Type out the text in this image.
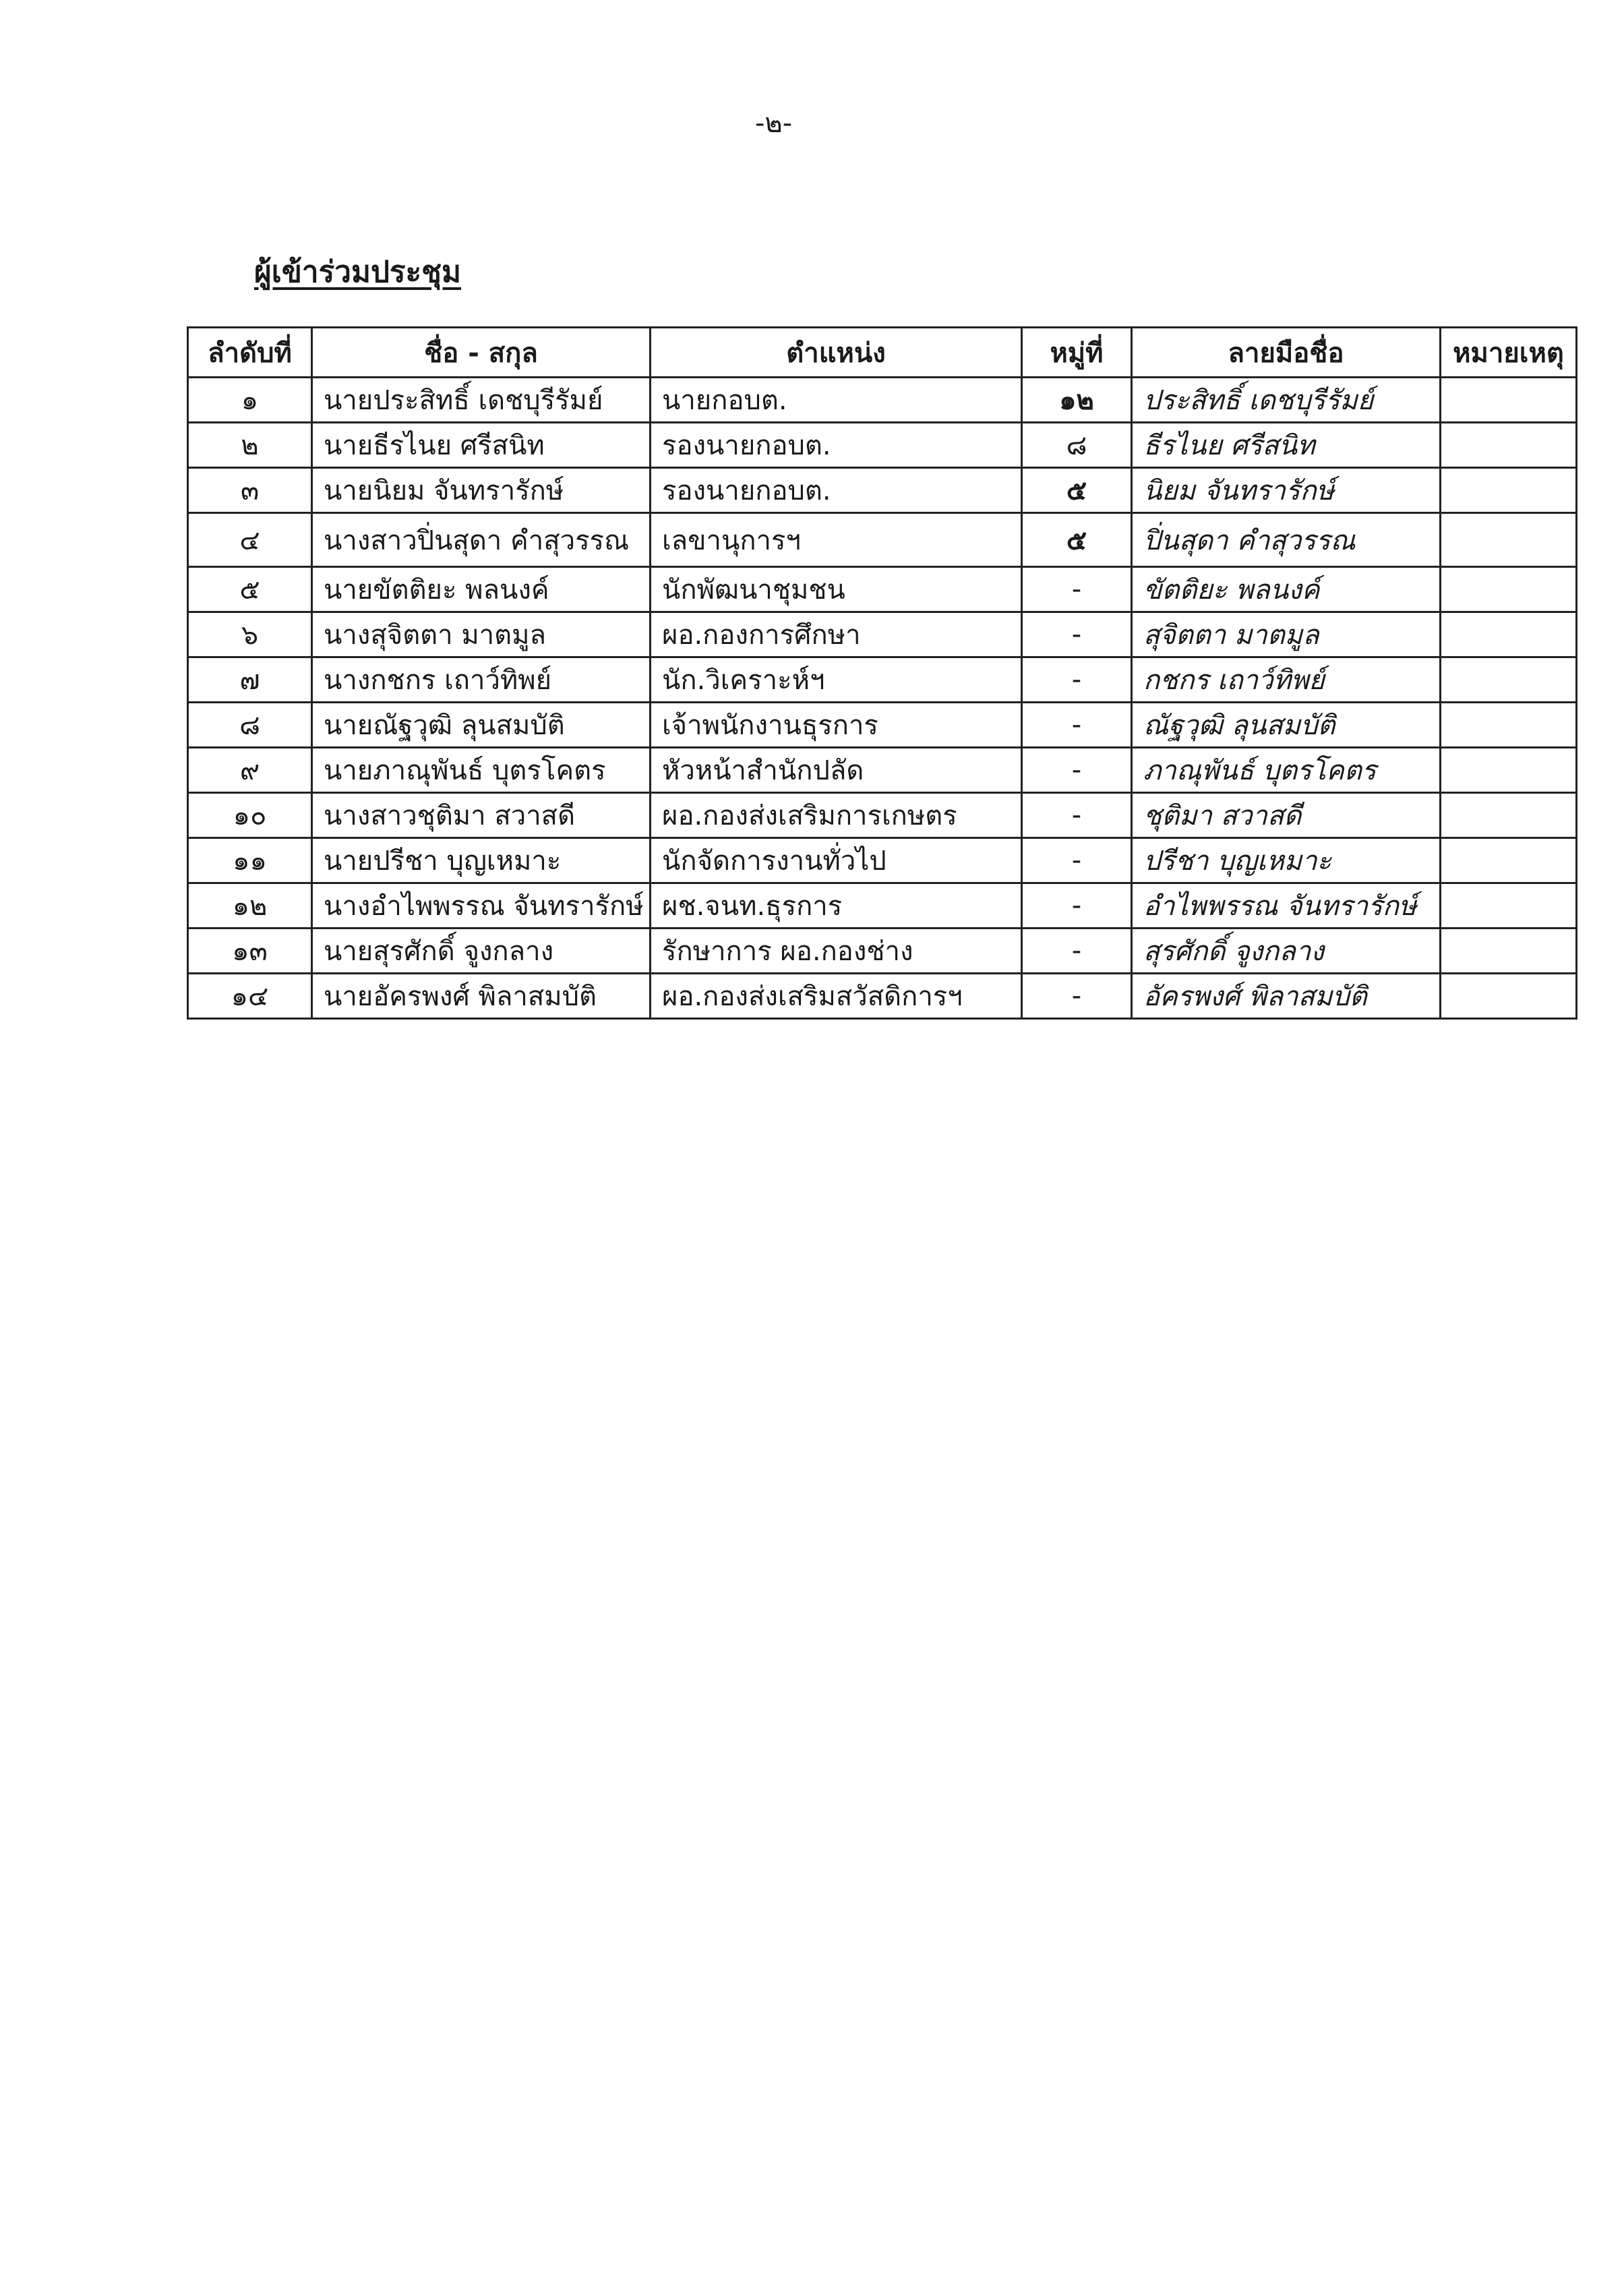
-๒-
ผู้เข้าร่วมประชุม
ลำดับที่	ชื่อ - สกุล	ตำแหน่ง	หมู่ที่	ลายมือชื่อ	หมายเหตุ
๑	นายประสิทธิ์ เดชบุรีรัมย์	นายกอบต.	๑๒	ประสิทธิ์ เดชบุรีรัมย์	
๒	นายธีรไนย ศรีสนิท	รองนายกอบต.	๘	ธีรไนย ศรีสนิท	
๓	นายนิยม จันทรารักษ์	รองนายกอบต.	๕	นิยม จันทรารักษ์	
๔	นางสาวปิ่นสุดา คำสุวรรณ	เลขานุการฯ	๕	ปิ่นสุดา คำสุวรรณ	
๕	นายขัตติยะ พลนงค์	นักพัฒนาชุมชน	-	ขัตติยะ พลนงค์	
๖	นางสุจิตตา มาตมูล	ผอ.กองการศึกษา	-	สุจิตตา มาตมูล	
๗	นางกชกร เถาว์ทิพย์	นัก.วิเคราะห์ฯ	-	กชกร เถาว์ทิพย์	
๘	นายณัฐวุฒิ ลุนสมบัติ	เจ้าพนักงานธุรการ	-	ณัฐวุฒิ ลุนสมบัติ	
๙	นายภาณุพันธ์ บุตรโคตร	หัวหน้าสำนักปลัด	-	ภาณุพันธ์ บุตรโคตร	
๑๐	นางสาวชุติมา สวาสดี	ผอ.กองส่งเสริมการเกษตร	-	ชุติมา สวาสดี	
๑๑	นายปรีชา บุญเหมาะ	นักจัดการงานทั่วไป	-	ปรีชา บุญเหมาะ	
๑๒	นางอำไพพรรณ จันทรารักษ์	ผช.จนท.ธุรการ	-	อำไพพรรณ จันทรารักษ์	
๑๓	นายสุรศักดิ์ จูงกลาง	รักษาการ ผอ.กองช่าง	-	สุรศักดิ์ จูงกลาง	
๑๔	นายอัครพงศ์ พิลาสมบัติ	ผอ.กองส่งเสริมสวัสดิการฯ	-	อัครพงศ์ พิลาสมบัติ	
